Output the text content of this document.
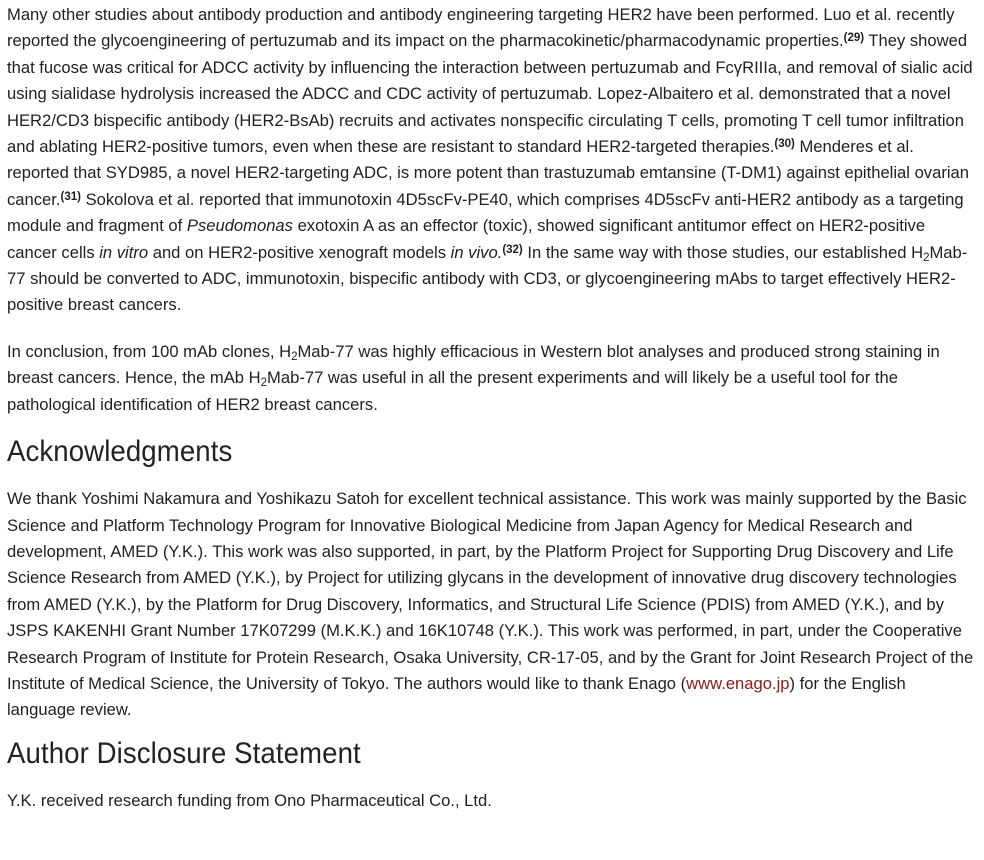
Many other studies about antibody production and antibody engineering targeting HER2 have been performed. Luo et al. recently reported the glycoengineering of pertuzumab and its impact on the pharmacokinetic/pharmacodynamic properties.$^{(29)}$ They showed that fucose was critical for ADCC activity by influencing the interaction between pertuzumab and FcγRIIIa, and removal of sialic acid using sialidase hydrolysis increased the ADCC and CDC activity of pertuzumab. Lopez-Albaitero et al. demonstrated that a novel HER2/CD3 bispecific antibody (HER2-BsAb) recruits and activates nonspecific circulating T cells, promoting T cell tumor infiltration and ablating HER2-positive tumors, even when these are resistant to standard HER2-targeted therapies.$^{(30)}$ Menderes et al. reported that SYD985, a novel HER2-targeting ADC, is more potent than trastuzumab emtansine (T-DM1) against epithelial ovarian cancer.$^{(31)}$ Sokolova et al. reported that immunotoxin 4D5scFv-PE40, which comprises 4D5scFv anti-HER2 antibody as a targeting module and fragment of Pseudomonas exotoxin A as an effector (toxic), showed significant antitumor effect on HER2-positive cancer cells in vitro and on HER2-positive xenograft models in vivo.$^{(32)}$ In the same way with those studies, our established $H_2Mab-77$ should be converted to ADC, immunotoxin, bispecific antibody with CD3, or glycoengineering mAbs to target effectively HER2-positive breast cancers.

In conclusion, from 100 mAb clones, $H_2Mab-77$ was highly efficacious in Western blot analyses and produced strong staining in breast cancers. Hence, the mAb $H_2Mab-77$ was useful in all the present experiments and will likely be a useful tool for the pathological identification of HER2 breast cancers.

Acknowledgments

We thank Yoshimi Nakamura and Yoshikazu Satoh for excellent technical assistance. This work was mainly supported by the Basic Science and Platform Technology Program for Innovative Biological Medicine from Japan Agency for Medical Research and development, AMED (Y.K.). This work was also supported, in part, by the Platform Project for Supporting Drug Discovery and Life Science Research from AMED (Y.K.), by Project for utilizing glycans in the development of innovative drug discovery technologies from AMED (Y.K.), by the Platform for Drug Discovery, Informatics, and Structural Life Science (PDIS) from AMED (Y.K.), and by JSPS KAKENHI Grant Number 17K07299 (M.K.K.) and 16K10748 (Y.K.). This work was performed, in part, under the Cooperative Research Program of Institute for Protein Research, Osaka University, CR-17-05, and by the Grant for Joint Research Project of the Institute of Medical Science, the University of Tokyo. The authors would like to thank Enago (www.enago.jp) for the English language review.

Author Disclosure Statement

Y.K. received research funding from Ono Pharmaceutical Co., Ltd.
